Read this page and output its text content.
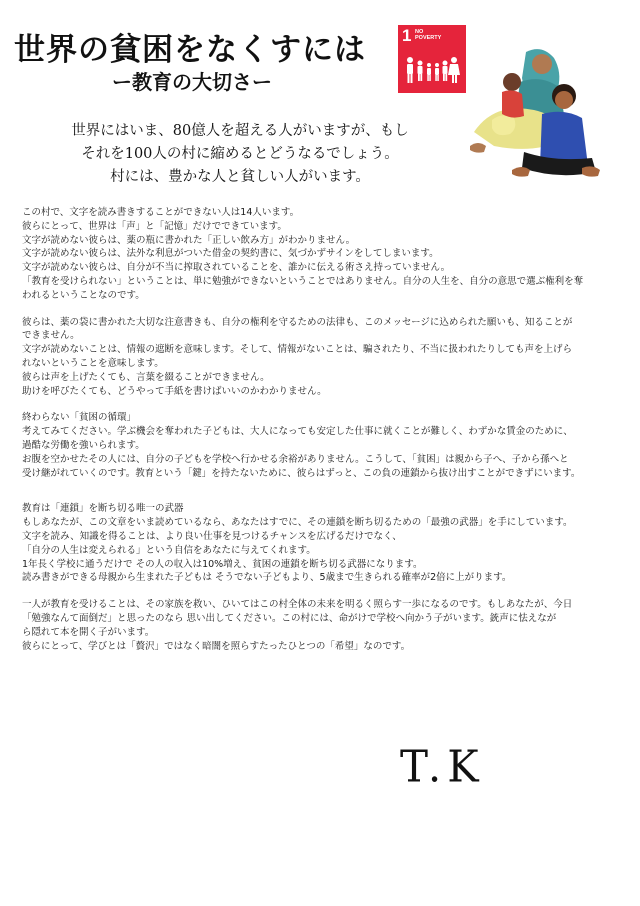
世界の貧困をなくすには
ー教育の大切さー
1 NO
POVERTY
世界にはいま、80億人を超える人がいますが、もし
それを100人の村に縮めるとどうなるでしょう。
村には、豊かな人と貧しい人がいます。
この村で、文字を読み書きすることができない人は14人います。
彼らにとって、世界は「声」と「記憶」だけでできています。
文字が読めない彼らは、薬の瓶に書かれた「正しい飲み方」がわかりません。
文字が読めない彼らは、法外な利息がついた借金の契約書に、気づかずサインをしてしまいます。
文字が読めない彼らは、自分が不当に搾取されていることを、誰かに伝える術さえ持っていません。
「教育を受けられない」ということは、単に勉強ができないということではありません。自分の人生を、自分の意思で選ぶ権利を奪
われるということなのです。
彼らは、薬の袋に書かれた大切な注意書きも、自分の権利を守るための法律も、このメッセージに込められた願いも、知ることが
できません。
文字が読めないことは、情報の遮断を意味します。そして、情報がないことは、騙されたり、不当に扱われたりしても声を上げら
れないということを意味します。
彼らは声を上げたくても、言葉を綴ることができません。
助けを呼びたくても、どうやって手紙を書けばいいのかわかりません。
終わらない「貧困の循環」
考えてみてください。学ぶ機会を奪われた子どもは、大人になっても安定した仕事に就くことが難しく、わずかな賃金のために、
過酷な労働を強いられます。
お腹を空かせたその人には、自分の子どもを学校へ行かせる余裕がありません。こうして、「貧困」は親から子へ、子から孫へと
受け継がれていくのです。教育という「鍵」を持たないために、彼らはずっと、この負の連鎖から抜け出すことができずにいます。
教育は「連鎖」を断ち切る唯一の武器
もしあなたが、この文章をいま読めているなら、あなたはすでに、その連鎖を断ち切るための「最強の武器」を手にしています。
文字を読み、知識を得ることは、より良い仕事を見つけるチャンスを広げるだけでなく、
「自分の人生は変えられる」という自信をあなたに与えてくれます。
1年長く学校に通うだけで その人の収入は10%増え、貧困の連鎖を断ち切る武器になります。
読み書きができる母親から生まれた子どもは そうでない子どもより、5歳まで生きられる確率が2倍に上がります。
一人が教育を受けることは、その家族を救い、ひいてはこの村全体の未来を明るく照らす一歩になるのです。もしあなたが、今日
「勉強なんて面倒だ」と思ったのなら 思い出してください。この村には、命がけで学校へ向かう子がいます。銃声に怯えなが
ら隠れて本を開く子がいます。
彼らにとって、学びとは「贅沢」ではなく暗闇を照らすたったひとつの「希望」なのです。
T.K
